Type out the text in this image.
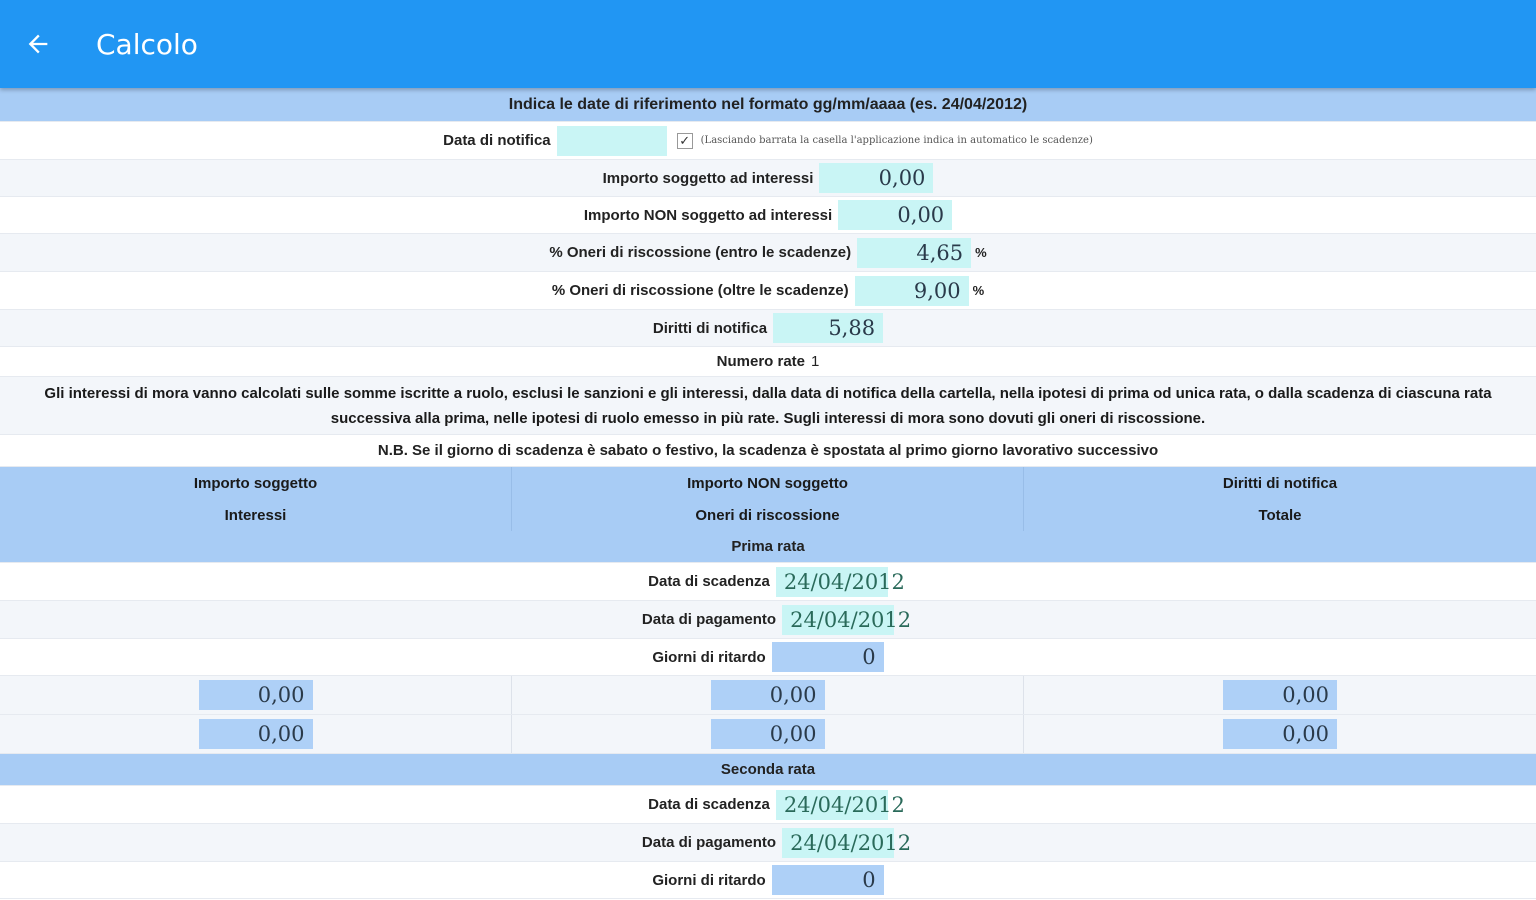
Calcolo
Indica le date di riferimento nel formato gg/mm/aaaa (es. 24/04/2012)
Data di notifica	✓ (Lasciando barrata la casella l'applicazione indica in automatico le scadenze)
Importo soggetto ad interessi	0,00
Importo NON soggetto ad interessi	0,00
% Oneri di riscossione (entro le scadenze)	4,65 %
% Oneri di riscossione (oltre le scadenze)	9,00 %
Diritti di notifica	5,88
Numero rate 1
Gli interessi di mora vanno calcolati sulle somme iscritte a ruolo, esclusi le sanzioni e gli interessi, dalla data di notifica della cartella, nella ipotesi di prima od unica rata, o dalla scadenza di ciascuna rata successiva alla prima, nelle ipotesi di ruolo emesso in più rate. Sugli interessi di mora sono dovuti gli oneri di riscossione.
N.B. Se il giorno di scadenza è sabato o festivo, la scadenza è spostata al primo giorno lavorativo successivo
Importo soggetto	Importo NON soggetto	Diritti di notifica
Interessi	Oneri di riscossione	Totale
Prima rata
Data di scadenza 24/04/2012
Data di pagamento 24/04/2012
Giorni di ritardo	0
0,00	0,00	0,00
0,00	0,00	0,00
Seconda rata
Data di scadenza 24/04/2012
Data di pagamento 24/04/2012
Giorni di ritardo	0
